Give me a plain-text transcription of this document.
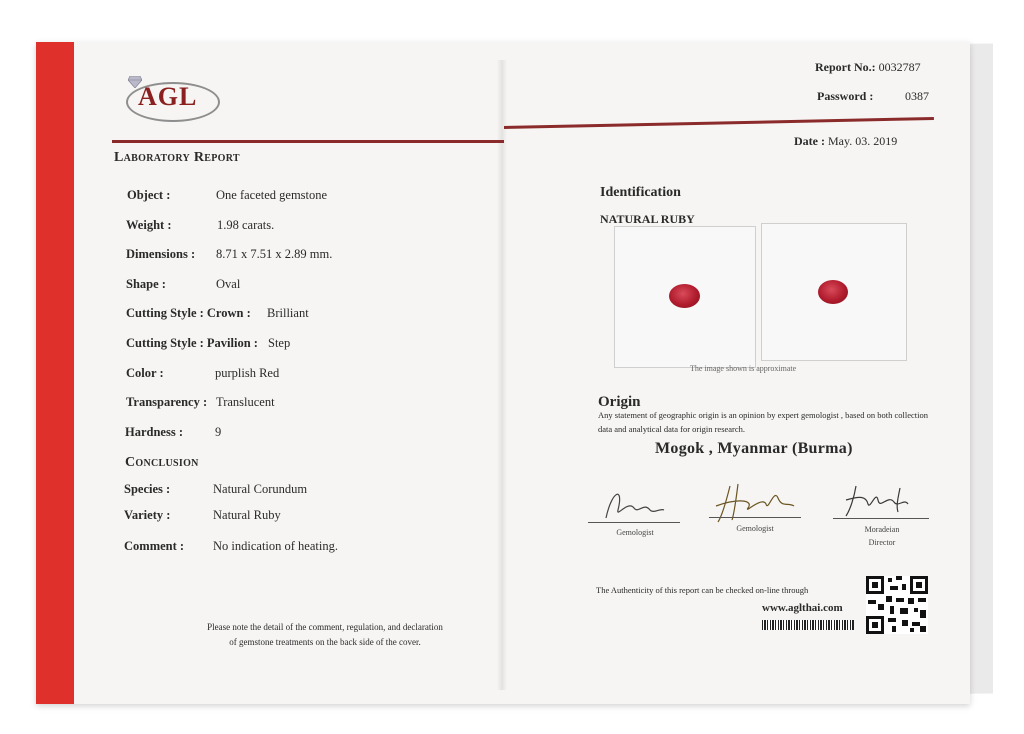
AGL
Laboratory Report
Object :	One faceted gemstone
Weight :	1.98 carats.
Dimensions : 8.71 x 7.51 x 2.89 mm.
Shape :	Oval
Cutting Style : Crown : Brilliant
Cutting Style : Pavilion : Step
Color :	purplish Red
Transparency : Translucent
Hardness :	9
Conclusion
Species :	Natural Corundum
Variety :	Natural Ruby
Comment : No indication of heating.
Please note the detail of the comment, regulation, and declaration
of gemstone treatments on the back side of the cover.
Report No.: 0032787
Password :	0387
Date : May. 03. 2019
Identification
NATURAL RUBY
The image shown is approximate
Origin
Any statement of geographic origin is an opinion by expert gemologist , based on both collection data and analytical data for origin research.
Mogok , Myanmar (Burma)
Gemologist	Gemologist	Moradeian
Director
The Authenticity of this report can be checked on-line through
www.aglthai.com
